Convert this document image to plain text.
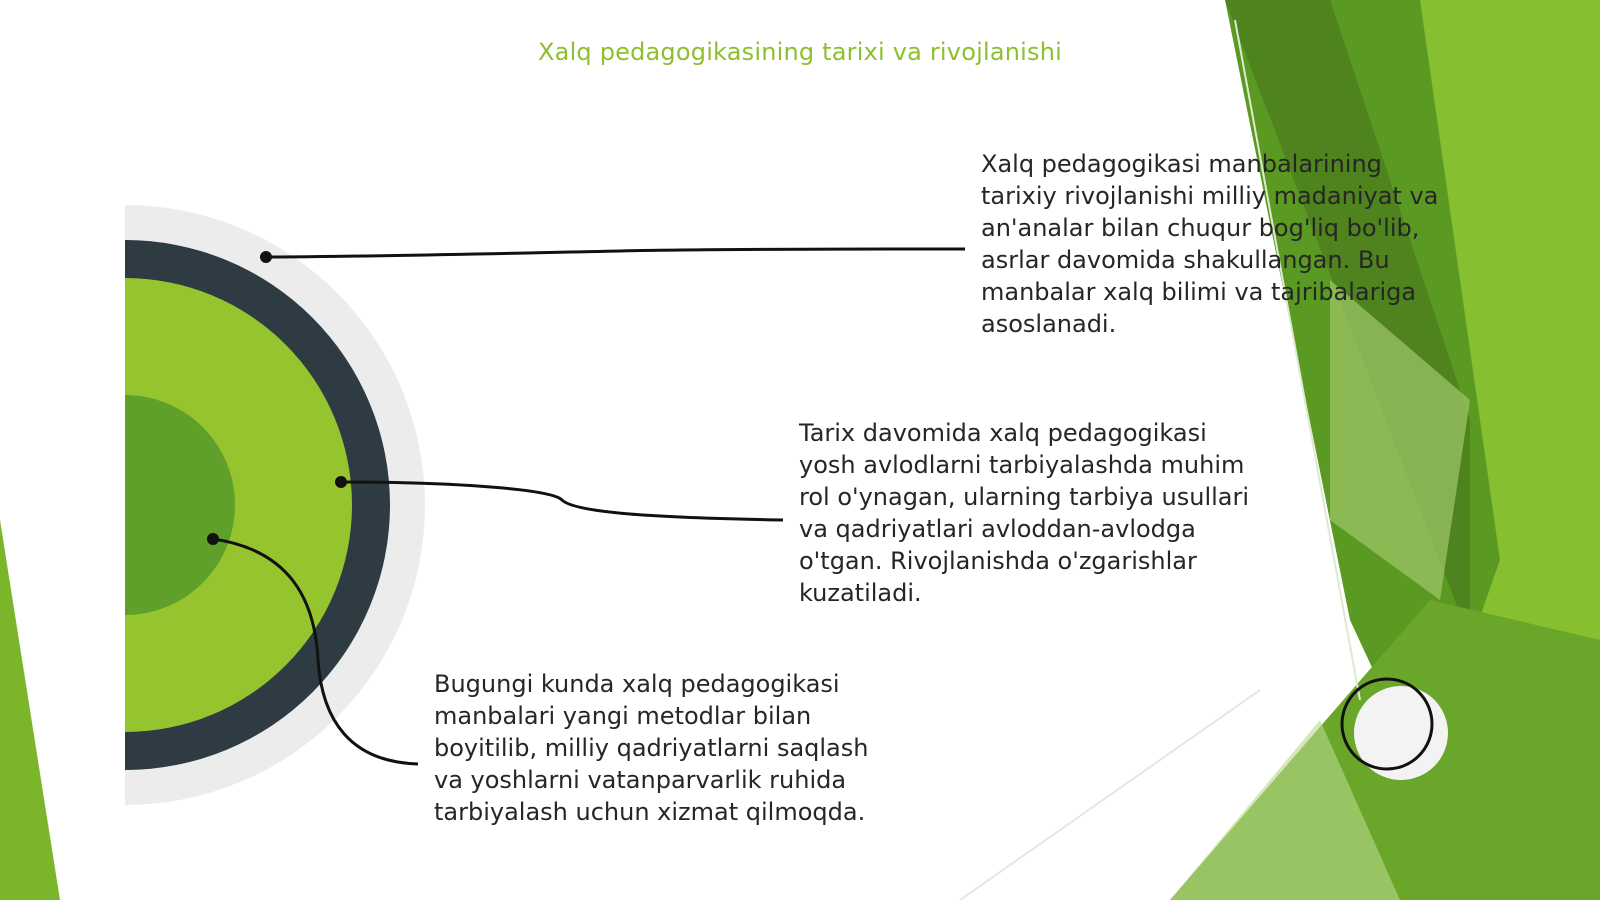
Xalq pedagogikasining tarixi va rivojlanishi

Xalq pedagogikasi manbalarining tarixiy rivojlanishi milliy madaniyat va an'analar bilan chuqur bog'liq bo'lib, asrlar davomida shakullangan. Bu manbalar xalq bilimi va tajribalariga asoslanadi.

Tarix davomida xalq pedagogikasi yosh avlodlarni tarbiyalashda muhim rol o'ynagan, ularning tarbiya usullari va qadriyatlari avloddan-avlodga o'tgan. Rivojlanishda o'zgarishlar kuzatiladi.

Bugungi kunda xalq pedagogikasi manbalari yangi metodlar bilan boyitilib, milliy qadriyatlarni saqlash va yoshlarni vatanparvarlik ruhida tarbiyalash uchun xizmat qilmoqda.
